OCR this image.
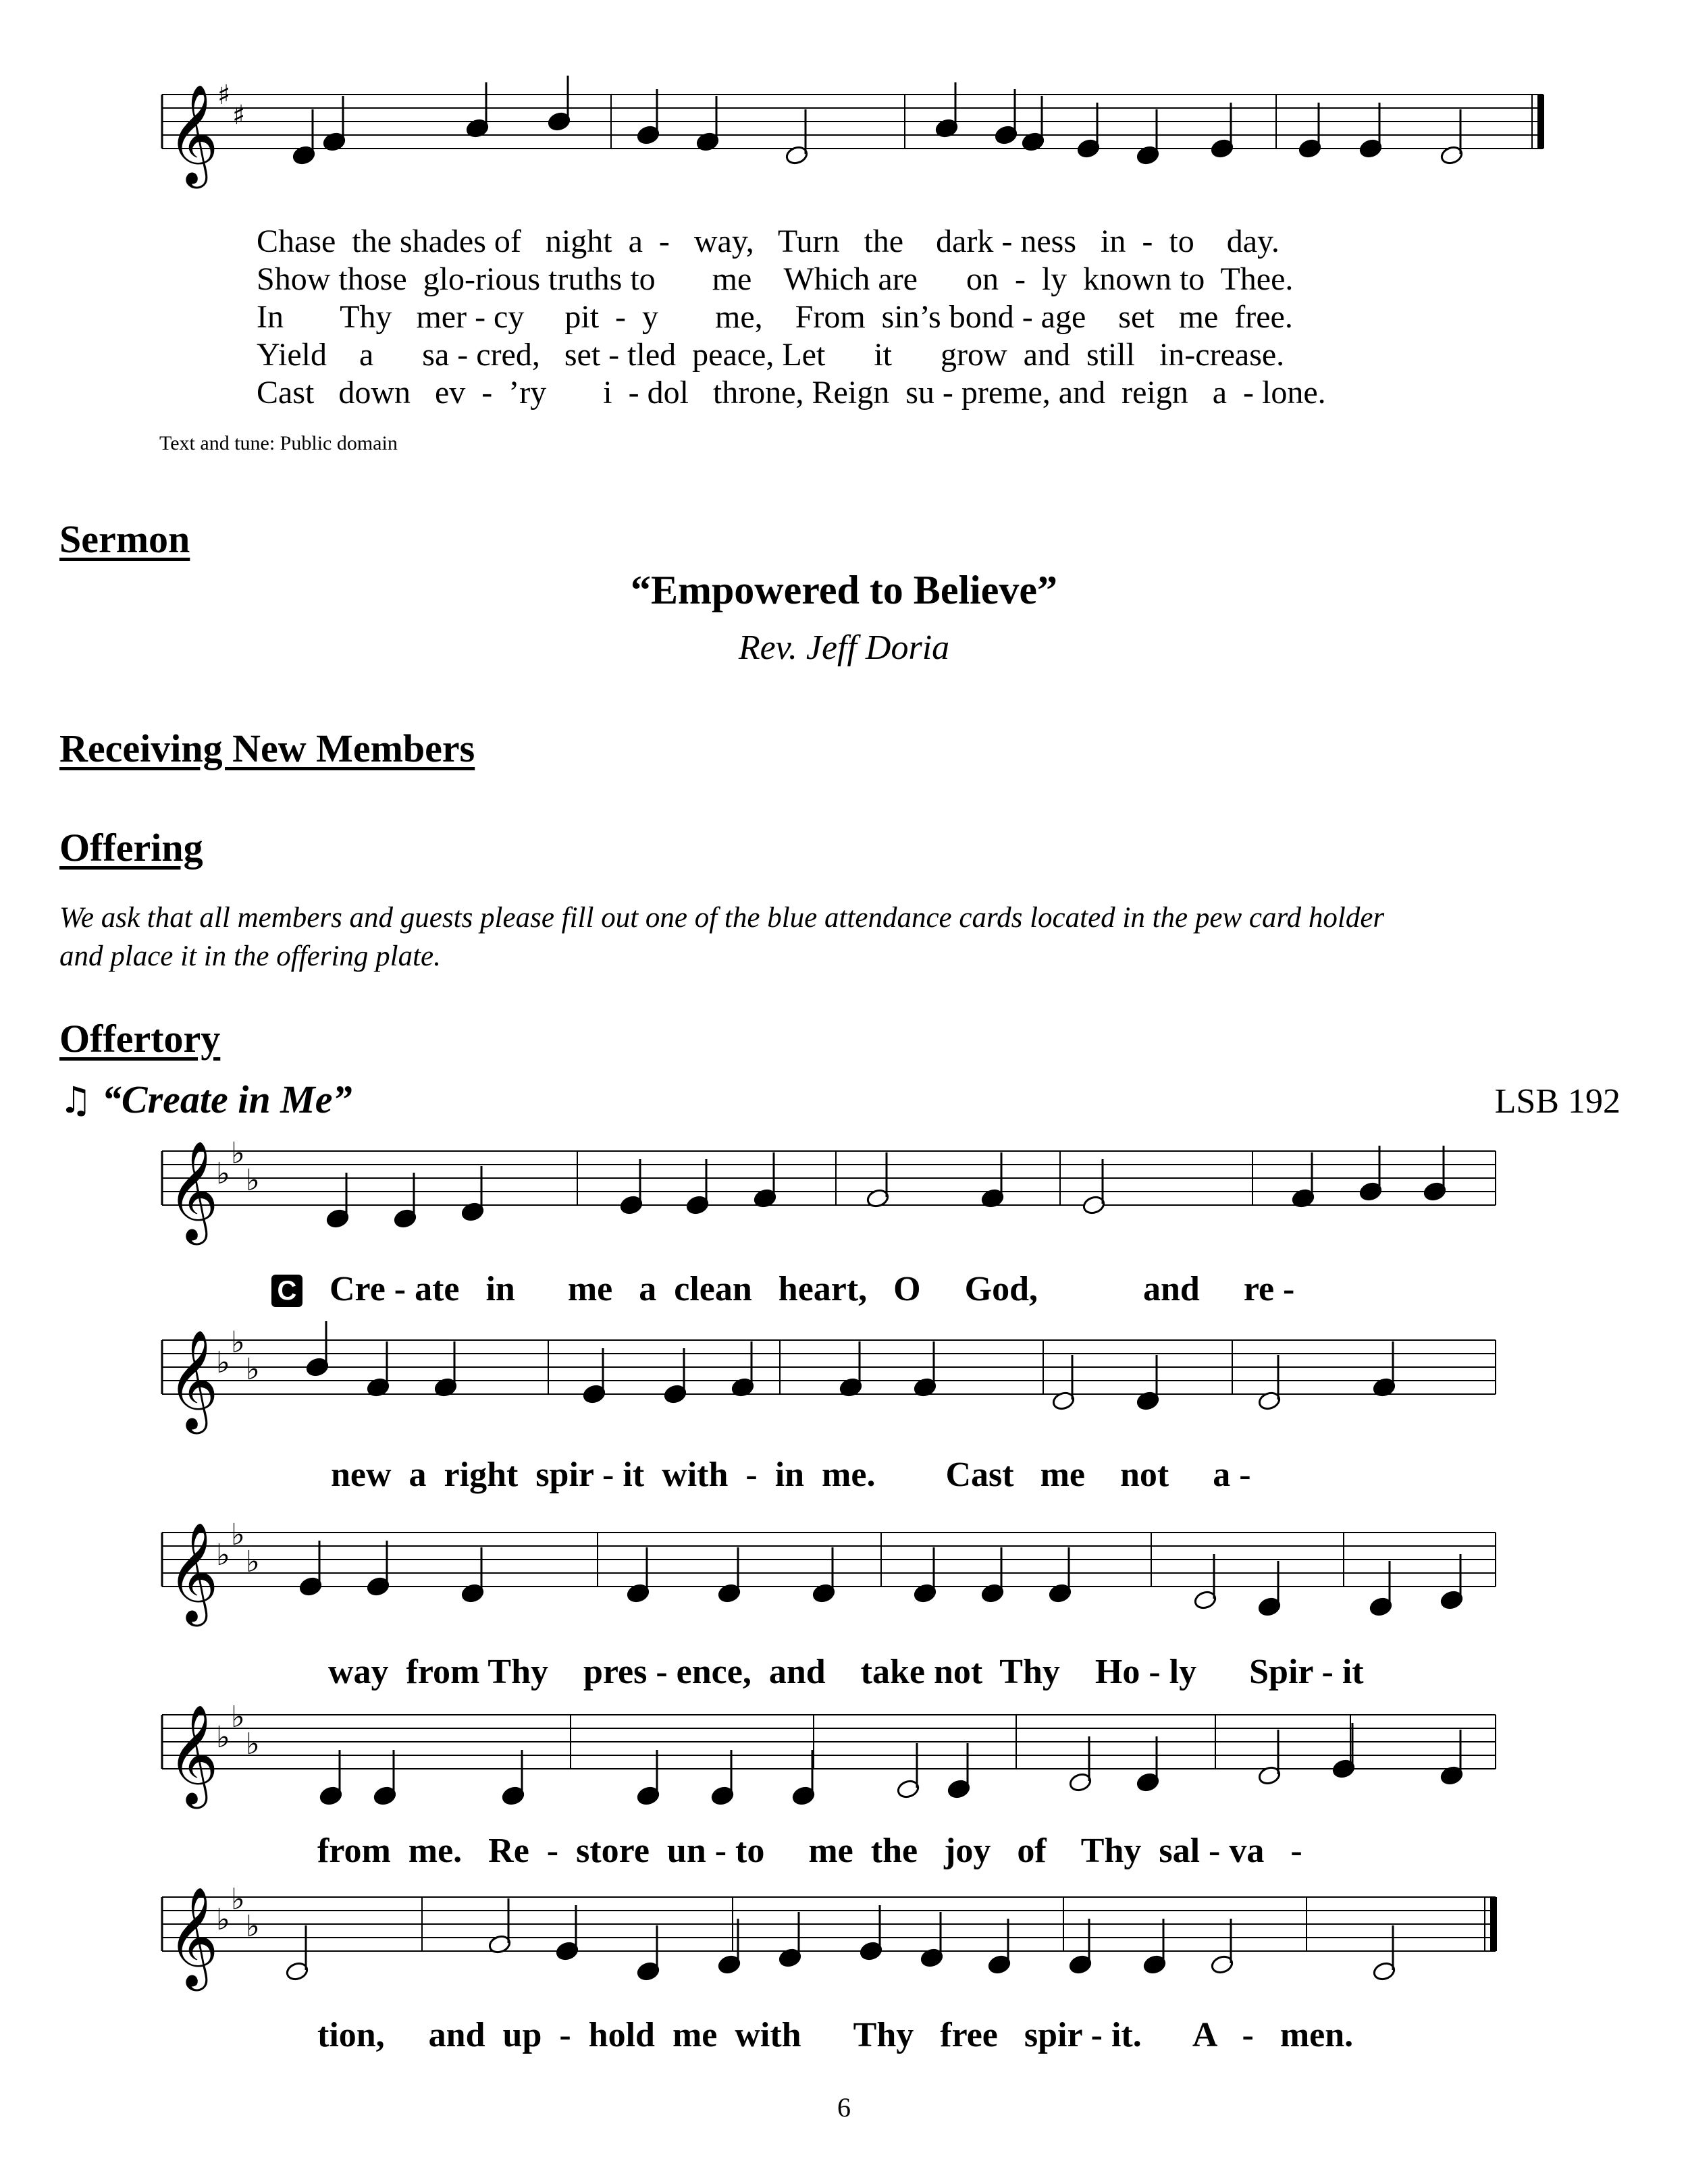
𝄞
♯
♯
𝄞
♭
♭
♭
𝄞
♭
♭
♭
𝄞
♭
♭
♭
𝄞
♭
♭
♭
𝄞
♭
♭
♭
Chase  the shades of   night  a  -   way,   Turn   the    dark - ness   in  -  to    day.
Show those  glo-rious truths to       me    Which are      on  -  ly  known to  Thee.
In       Thy   mer - cy     pit  -  y       me,    From  sin’s bond - age    set   me  free.
Yield    a      sa - cred,   set - tled  peace, Let      it      grow  and  still   in-crease.
Cast   down   ev  -  ’ry       i  - dol   throne, Reign  su - preme, and  reign   a  - lone.
Text and tune: Public domain
Sermon
“Empowered to Believe”
Rev. Jeff Doria
Receiving New Members
Offering
We ask that all members and guests please fill out one of the blue attendance cards located in the pew card holder
and place it in the offering plate.
Offertory
♫ “Create in Me”	LSB 192
C Cre - ate   in      me   a  clean   heart,   O     God,            and     re -
new  a  right  spir - it  with  -  in  me.        Cast   me    not     a -
way  from Thy    pres - ence,  and    take not  Thy    Ho - ly      Spir - it
from  me.   Re  -  store  un - to     me  the   joy   of    Thy  sal - va   -
tion,     and  up  -  hold  me  with      Thy   free   spir - it.      A   -   men.
6
